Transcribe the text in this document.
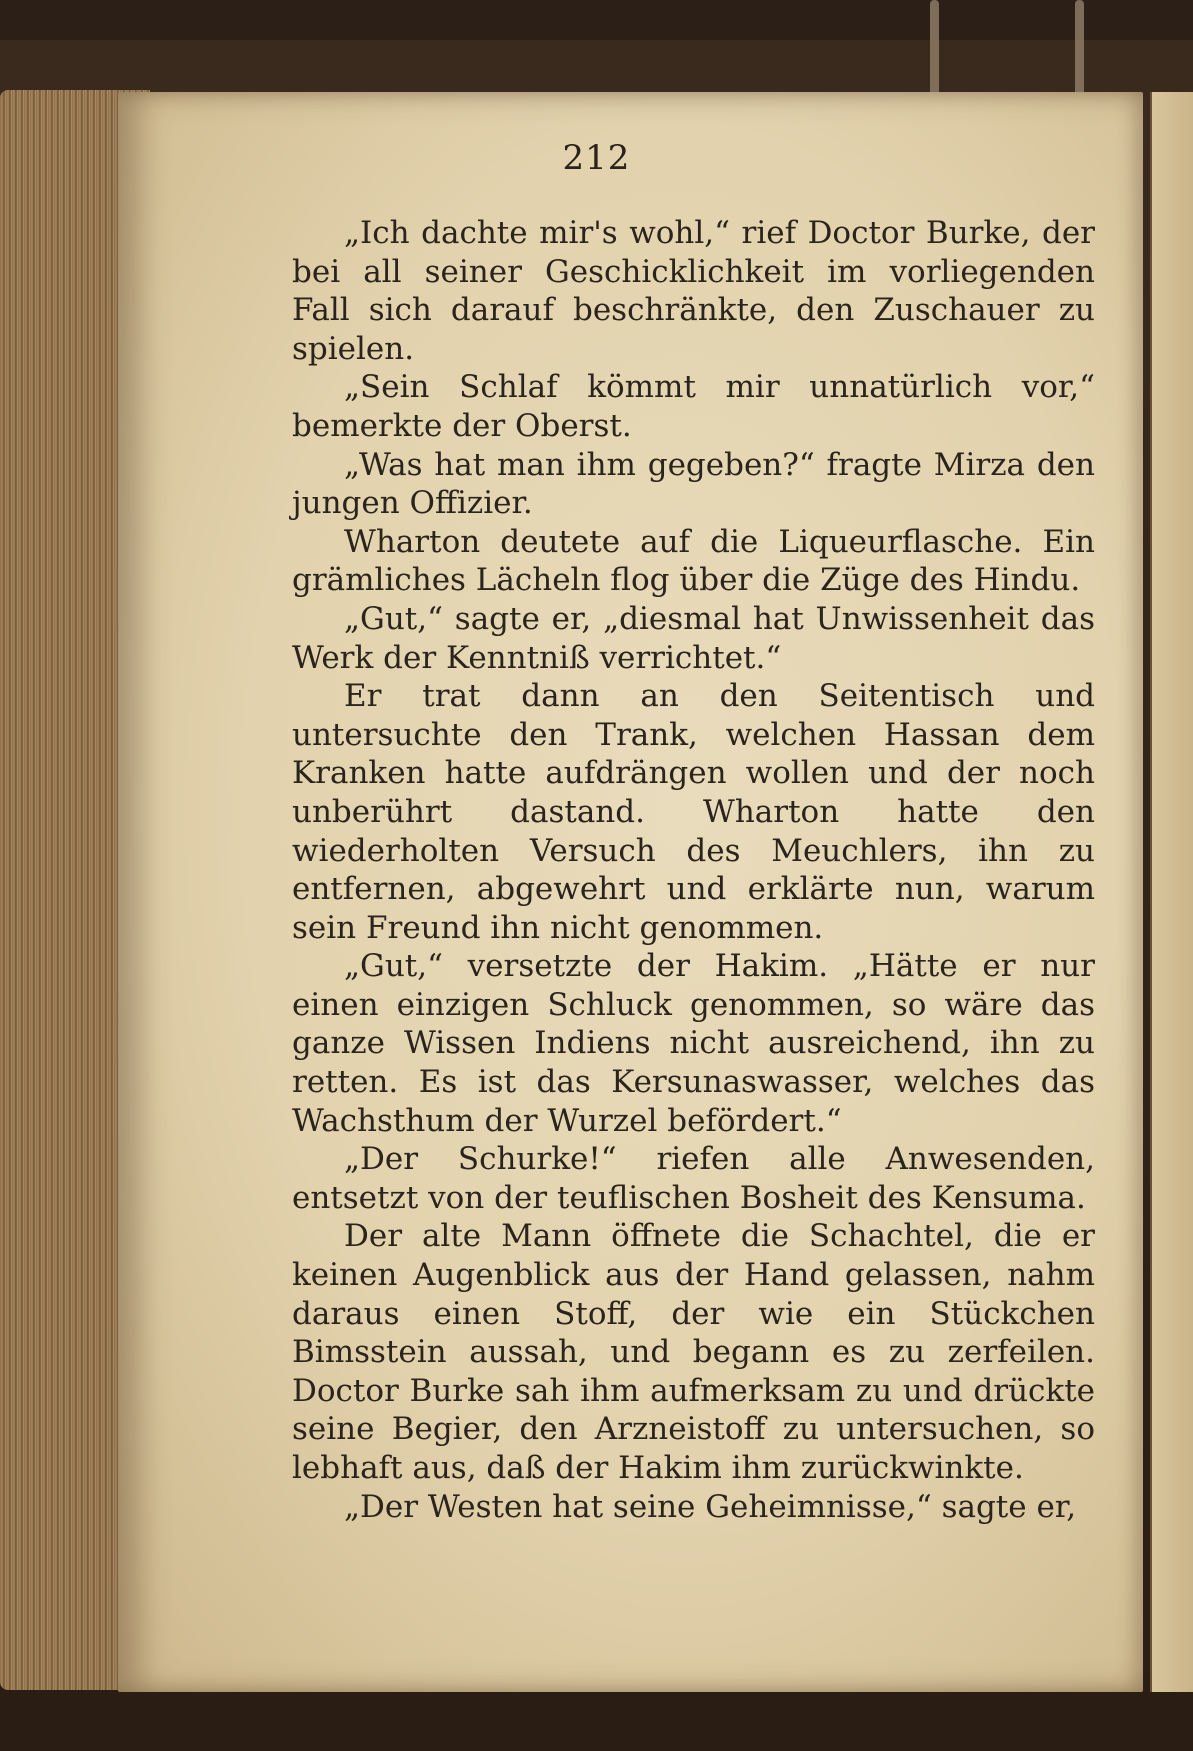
212

„Ich dachte mir's wohl,“ rief Doctor Burke, der bei all seiner Geschicklichkeit im vorliegenden Fall sich darauf beschränkte, den Zuschauer zu spielen.

„Sein Schlaf kömmt mir unnatürlich vor,“ bemerkte der Oberst.

„Was hat man ihm gegeben?“ fragte Mirza den jungen Offizier.

Wharton deutete auf die Liqueurflasche. Ein grämliches Lächeln flog über die Züge des Hindu.

„Gut,“ sagte er, „diesmal hat Unwissenheit das Werk der Kenntniß verrichtet.“

Er trat dann an den Seitentisch und untersuchte den Trank, welchen Hassan dem Kranken hatte aufdrängen wollen und der noch unberührt dastand. Wharton hatte den wiederholten Versuch des Meuchlers, ihn zu entfernen, abgewehrt und erklärte nun, warum sein Freund ihn nicht genommen.

„Gut,“ versetzte der Hakim. „Hätte er nur einen einzigen Schluck genommen, so wäre das ganze Wissen Indiens nicht ausreichend, ihn zu retten. Es ist das Kersunaswasser, welches das Wachsthum der Wurzel befördert.“

„Der Schurke!“ riefen alle Anwesenden, entsetzt von der teuflischen Bosheit des Kensuma.

Der alte Mann öffnete die Schachtel, die er keinen Augenblick aus der Hand gelassen, nahm daraus einen Stoff, der wie ein Stückchen Bimsstein aussah, und begann es zu zerfeilen. Doctor Burke sah ihm aufmerksam zu und drückte seine Begier, den Arzneistoff zu untersuchen, so lebhaft aus, daß der Hakim ihm zurückwinkte.

„Der Westen hat seine Geheimnisse,“ sagte er,
